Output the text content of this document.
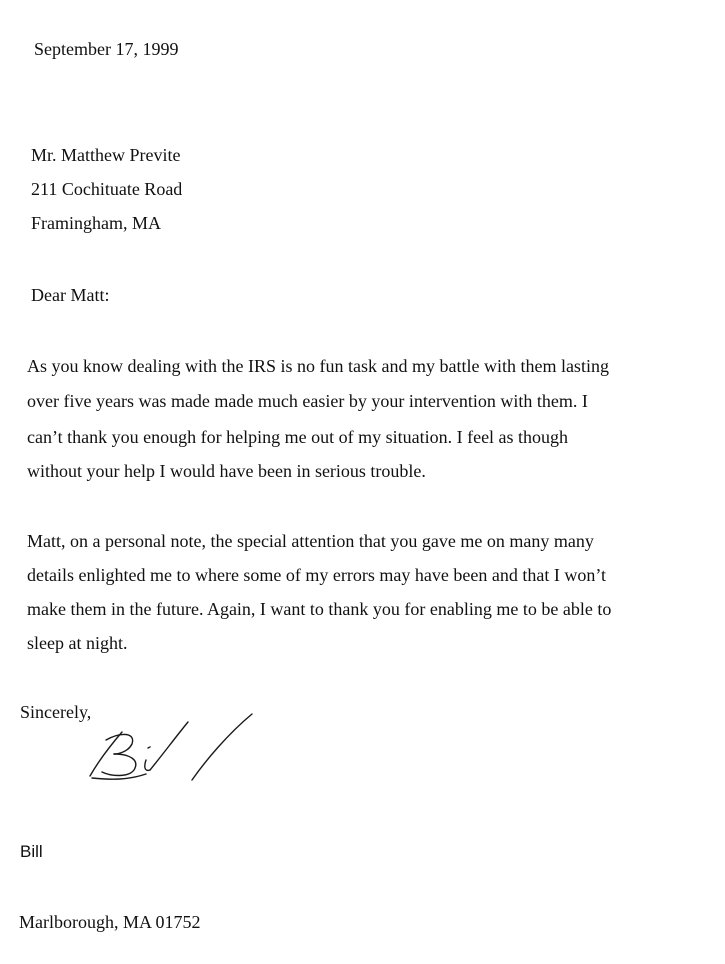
September 17, 1999
Mr. Matthew Previte
211 Cochituate Road
Framingham, MA
Dear Matt:
As you know dealing with the IRS is no fun task and my battle with them lasting
over five years was made made much easier by your intervention with them. I
can’t thank you enough for helping me out of my situation. I feel as though
without your help I would have been in serious trouble.
Matt, on a personal note, the special attention that you gave me on many many
details enlighted me to where some of my errors may have been and that I won’t
make them in the future. Again, I want to thank you for enabling me to be able to
sleep at night.
Sincerely,
Bill
Marlborough, MA 01752
